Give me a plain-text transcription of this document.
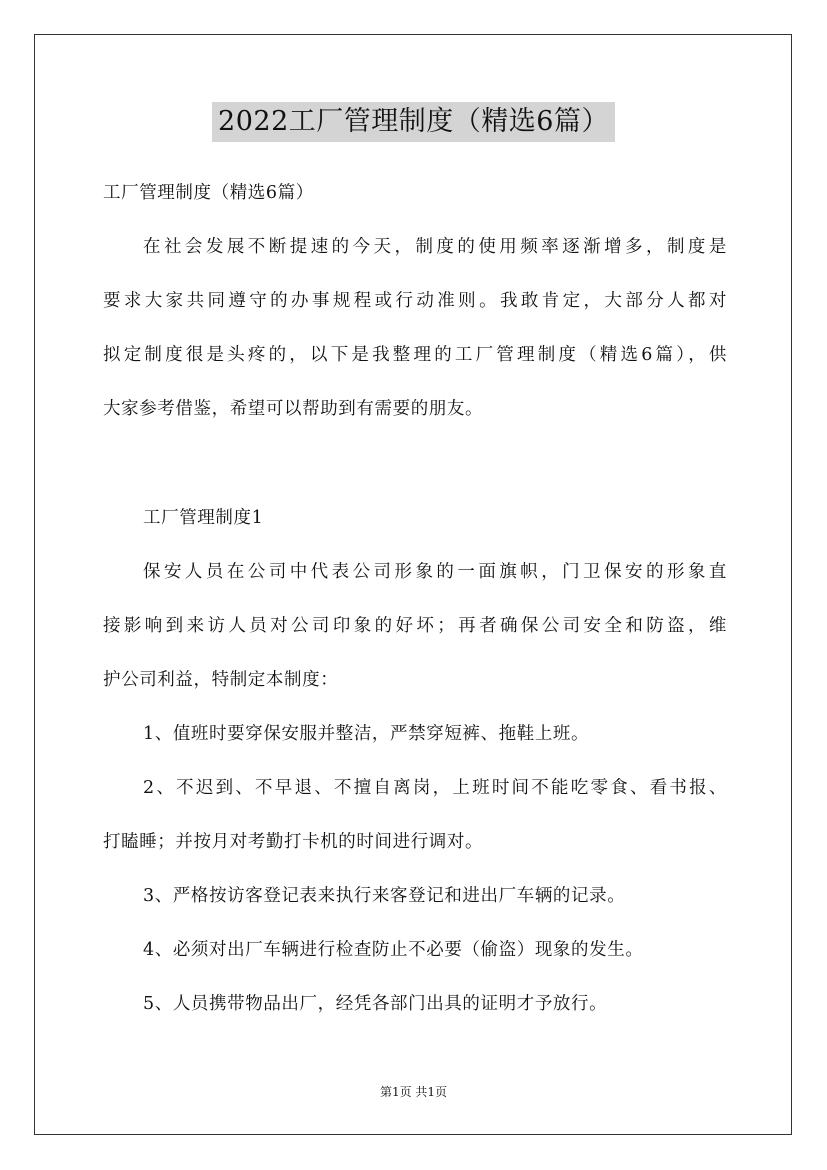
2022工厂管理制度（精选6篇）
工厂管理制度（精选6篇）
在社会发展不断提速的今天，制度的使用频率逐渐增多，制度是
要求大家共同遵守的办事规程或行动准则。我敢肯定，大部分人都对
拟定制度很是头疼的，以下是我整理的工厂管理制度（精选6篇），供
大家参考借鉴，希望可以帮助到有需要的朋友。
工厂管理制度1
保安人员在公司中代表公司形象的一面旗帜，门卫保安的形象直
接影响到来访人员对公司印象的好坏；再者确保公司安全和防盗，维
护公司利益，特制定本制度：
1、值班时要穿保安服并整洁，严禁穿短裤、拖鞋上班。
2、不迟到、不早退、不擅自离岗，上班时间不能吃零食、看书报、
打瞌睡；并按月对考勤打卡机的时间进行调对。
3、严格按访客登记表来执行来客登记和进出厂车辆的记录。
4、必须对出厂车辆进行检查防止不必要（偷盗）现象的发生。
5、人员携带物品出厂，经凭各部门出具的证明才予放行。
第1页 共1页
